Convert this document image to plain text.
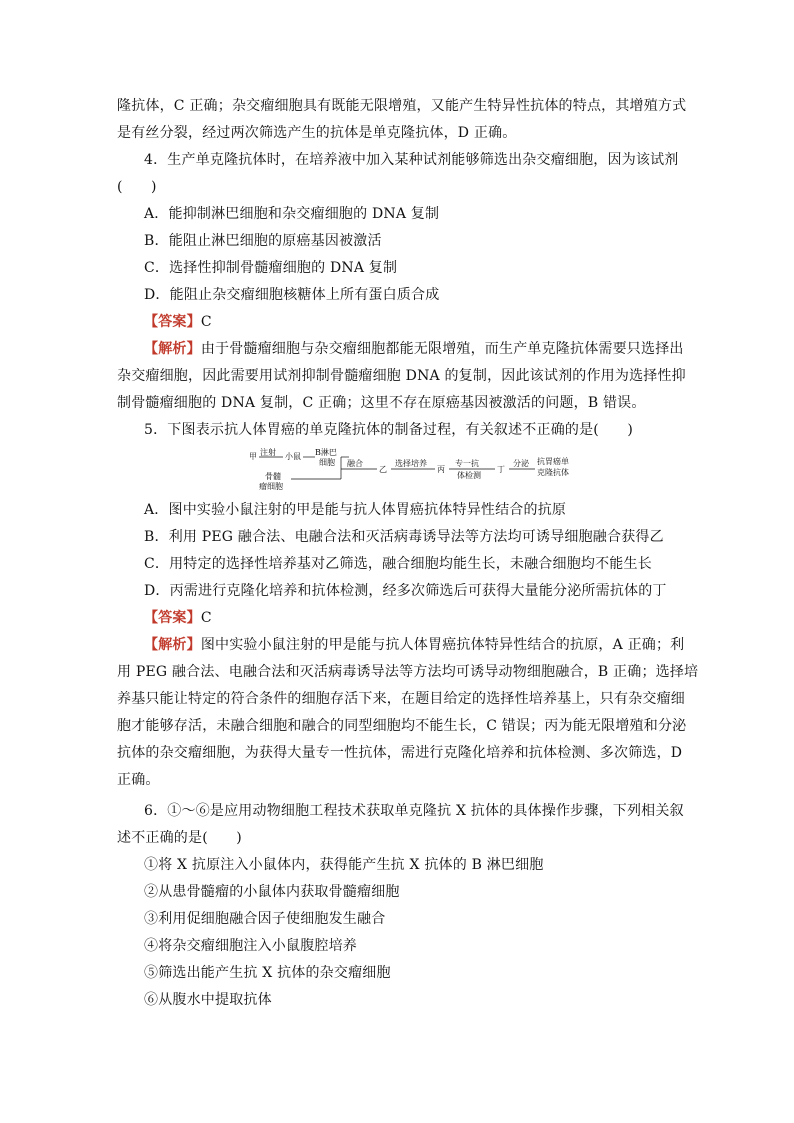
隆抗体，C 正确；杂交瘤细胞具有既能无限增殖，又能产生特异性抗体的特点，其增殖方式
是有丝分裂，经过两次筛选产生的抗体是单克隆抗体，D 正确。
4．生产单克隆抗体时，在培养液中加入某种试剂能够筛选出杂交瘤细胞，因为该试剂
(　　)
A．能抑制淋巴细胞和杂交瘤细胞的 DNA 复制
B．能阻止淋巴细胞的原癌基因被激活
C．选择性抑制骨髓瘤细胞的 DNA 复制
D．能阻止杂交瘤细胞核糖体上所有蛋白质合成
【答案】C
【解析】由于骨髓瘤细胞与杂交瘤细胞都能无限增殖，而生产单克隆抗体需要只选择出
杂交瘤细胞，因此需要用试剂抑制骨髓瘤细胞 DNA 的复制，因此该试剂的作用为选择性抑
制骨髓瘤细胞的 DNA 复制，C 正确；这里不存在原癌基因被激活的问题，B 错误。
5．下图表示抗人体胃癌的单克隆抗体的制备过程，有关叙述不正确的是(　　)
甲 注射 小鼠 B淋巴
细胞
骨髓
瘤细胞
融合
乙
选择培养
丙
专一抗
体检测
丁
分泌 抗胃癌单
克隆抗体
A．图中实验小鼠注射的甲是能与抗人体胃癌抗体特异性结合的抗原
B．利用 PEG 融合法、电融合法和灭活病毒诱导法等方法均可诱导细胞融合获得乙
C．用特定的选择性培养基对乙筛选，融合细胞均能生长，未融合细胞均不能生长
D．丙需进行克隆化培养和抗体检测，经多次筛选后可获得大量能分泌所需抗体的丁
【答案】C
【解析】图中实验小鼠注射的甲是能与抗人体胃癌抗体特异性结合的抗原，A 正确；利
用 PEG 融合法、电融合法和灭活病毒诱导法等方法均可诱导动物细胞融合，B 正确；选择培
养基只能让特定的符合条件的细胞存活下来，在题目给定的选择性培养基上，只有杂交瘤细
胞才能够存活，未融合细胞和融合的同型细胞均不能生长，C 错误；丙为能无限增殖和分泌
抗体的杂交瘤细胞，为获得大量专一性抗体，需进行克隆化培养和抗体检测、多次筛选，D
正确。
6．①～⑥是应用动物细胞工程技术获取单克隆抗 X 抗体的具体操作步骤，下列相关叙
述不正确的是(　　)
①将 X 抗原注入小鼠体内，获得能产生抗 X 抗体的 B 淋巴细胞
②从患骨髓瘤的小鼠体内获取骨髓瘤细胞
③利用促细胞融合因子使细胞发生融合
④将杂交瘤细胞注入小鼠腹腔培养
⑤筛选出能产生抗 X 抗体的杂交瘤细胞
⑥从腹水中提取抗体
